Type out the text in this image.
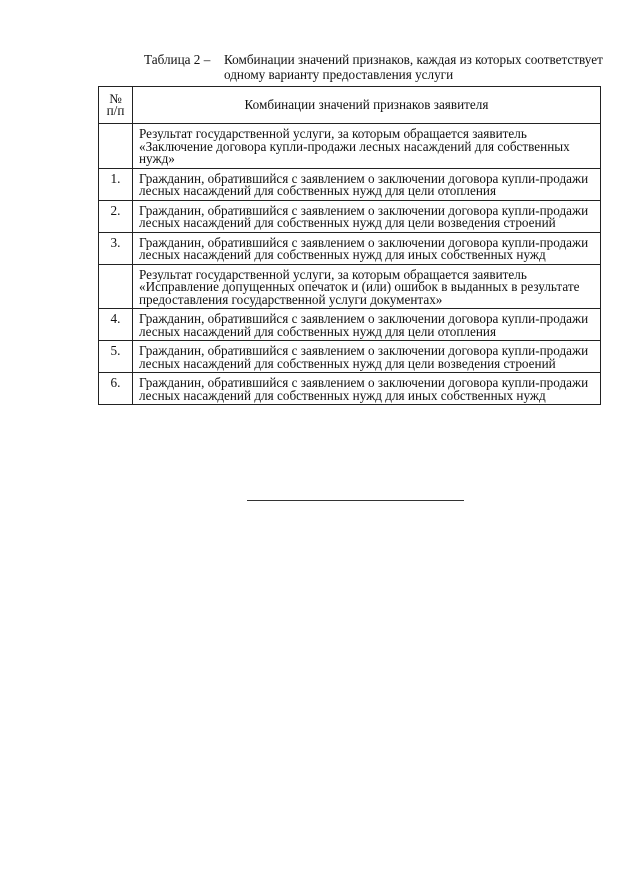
Таблица 2 –	Комбинации значений признаков, каждая из которых соответствует одному варианту предоставления услуги
№ п/п	Комбинации значений признаков заявителя
	Результат государственной услуги, за которым обращается заявитель «Заключение договора купли-продажи лесных насаждений для собственных нужд»
1.	Гражданин, обратившийся с заявлением о заключении договора купли-продажи лесных насаждений для собственных нужд для цели отопления
2.	Гражданин, обратившийся с заявлением о заключении договора купли-продажи лесных насаждений для собственных нужд для цели возведения строений
3.	Гражданин, обратившийся с заявлением о заключении договора купли-продажи лесных насаждений для собственных нужд для иных собственных нужд
	Результат государственной услуги, за которым обращается заявитель «Исправление допущенных опечаток и (или) ошибок в выданных в результате предоставления государственной услуги документах»
4.	Гражданин, обратившийся с заявлением о заключении договора купли-продажи лесных насаждений для собственных нужд для цели отопления
5.	Гражданин, обратившийся с заявлением о заключении договора купли-продажи лесных насаждений для собственных нужд для цели возведения строений
6.	Гражданин, обратившийся с заявлением о заключении договора купли-продажи лесных насаждений для собственных нужд для иных собственных нужд
